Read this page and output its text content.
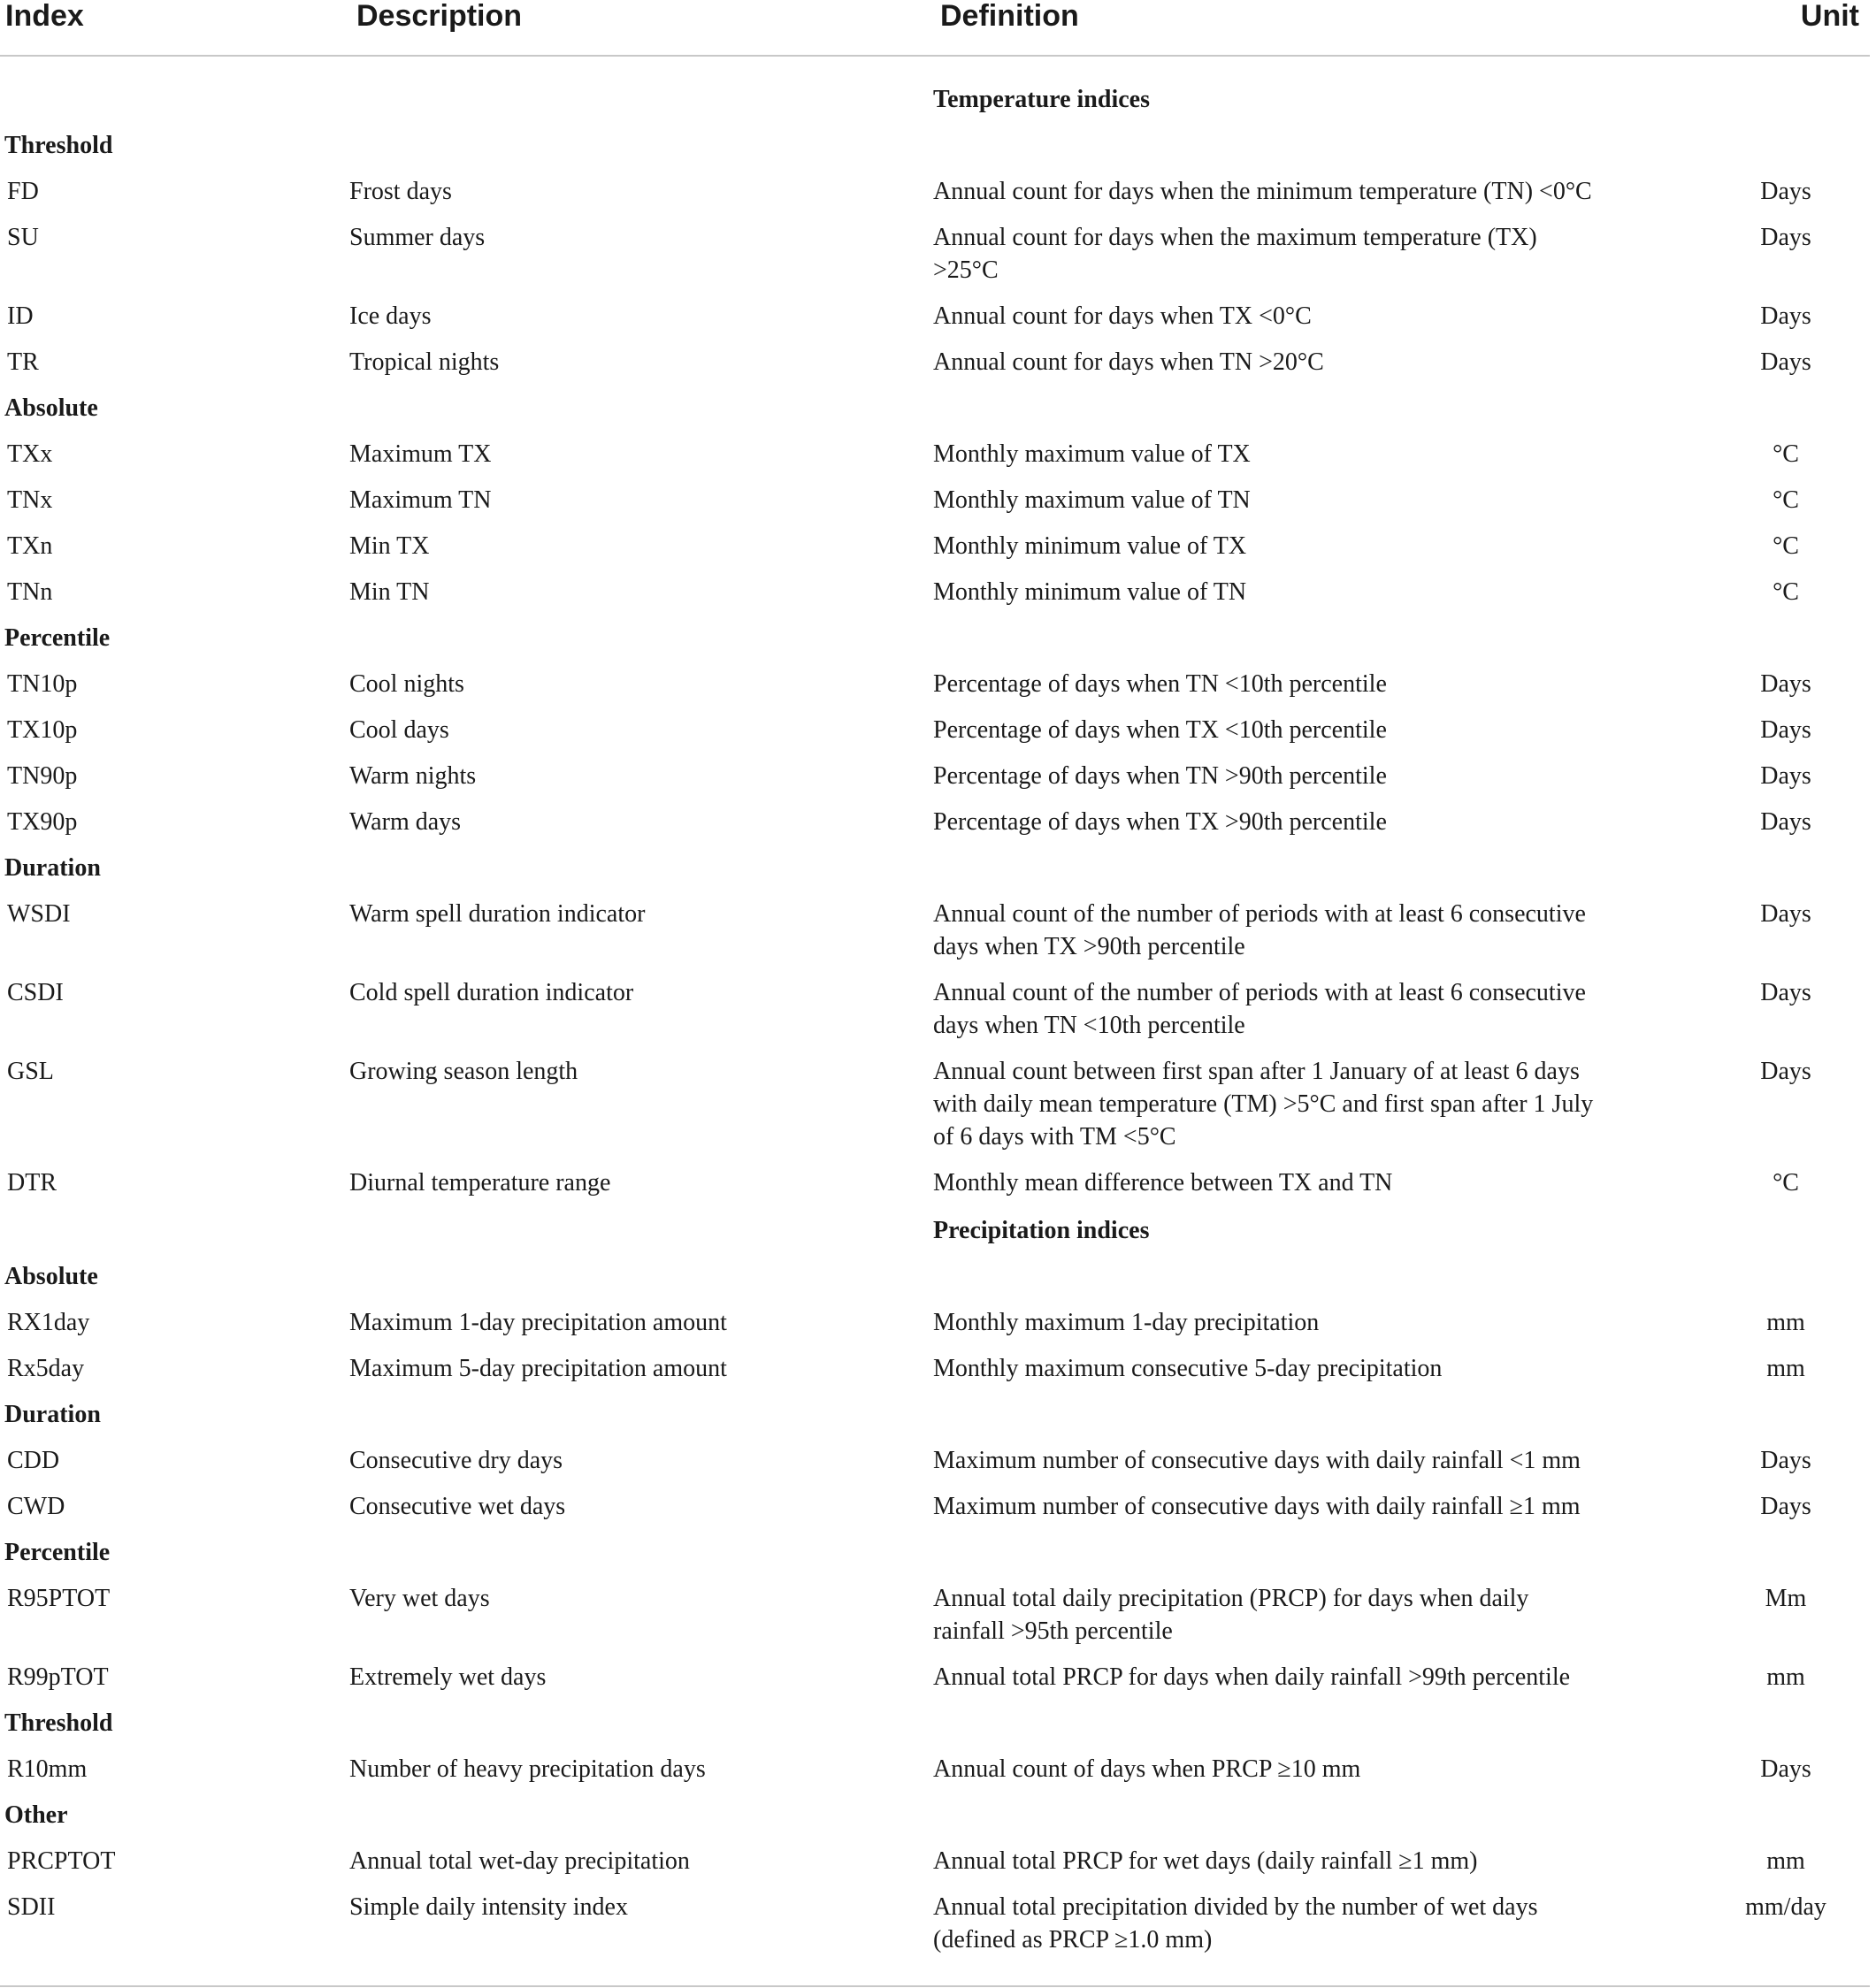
Index	Description	Definition	Unit

		Temperature indices	
Threshold			
FD	Frost days	Annual count for days when the minimum temperature (TN) <0°C	Days
SU	Summer days	Annual count for days when the maximum temperature (TX) >25°C	Days
ID	Ice days	Annual count for days when TX <0°C	Days
TR	Tropical nights	Annual count for days when TN >20°C	Days
Absolute			
TXx	Maximum TX	Monthly maximum value of TX	°C
TNx	Maximum TN	Monthly maximum value of TN	°C
TXn	Min TX	Monthly minimum value of TX	°C
TNn	Min TN	Monthly minimum value of TN	°C
Percentile			
TN10p	Cool nights	Percentage of days when TN <10th percentile	Days
TX10p	Cool days	Percentage of days when TX <10th percentile	Days
TN90p	Warm nights	Percentage of days when TN >90th percentile	Days
TX90p	Warm days	Percentage of days when TX >90th percentile	Days
Duration			
WSDI	Warm spell duration indicator	Annual count of the number of periods with at least 6 consecutive days when TX >90th percentile	Days
CSDI	Cold spell duration indicator	Annual count of the number of periods with at least 6 consecutive days when TN <10th percentile	Days
GSL	Growing season length	Annual count between first span after 1 January of at least 6 days with daily mean temperature (TM) >5°C and first span after 1 July of 6 days with TM <5°C	Days
DTR	Diurnal temperature range	Monthly mean difference between TX and TN	°C
		Precipitation indices	
Absolute			
RX1day	Maximum 1-day precipitation amount	Monthly maximum 1-day precipitation	mm
Rx5day	Maximum 5-day precipitation amount	Monthly maximum consecutive 5-day precipitation	mm
Duration			
CDD	Consecutive dry days	Maximum number of consecutive days with daily rainfall <1 mm	Days
CWD	Consecutive wet days	Maximum number of consecutive days with daily rainfall ≥1 mm	Days
Percentile			
R95PTOT	Very wet days	Annual total daily precipitation (PRCP) for days when daily rainfall >95th percentile	Mm
R99pTOT	Extremely wet days	Annual total PRCP for days when daily rainfall >99th percentile	mm
Threshold			
R10mm	Number of heavy precipitation days	Annual count of days when PRCP ≥10 mm	Days
Other			
PRCPTOT	Annual total wet-day precipitation	Annual total PRCP for wet days (daily rainfall ≥1 mm)	mm
SDII	Simple daily intensity index	Annual total precipitation divided by the number of wet days (defined as PRCP ≥1.0 mm)	mm/day
